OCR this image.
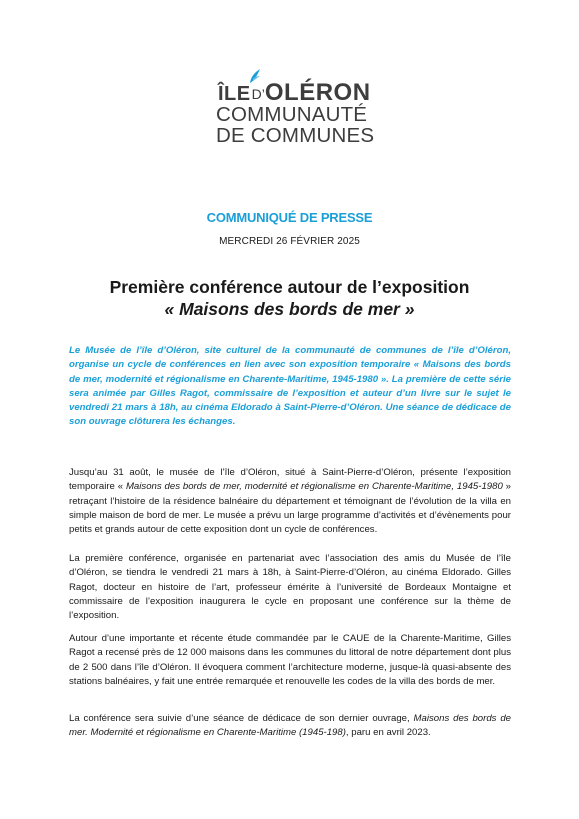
ÎLE D’ OLÉRON
COMMUNAUTÉ
DE COMMUNES
COMMUNIQUÉ DE PRESSE
MERCREDI 26 FÉVRIER 2025
Première conférence autour de l’exposition
« Maisons des bords de mer »
Le Musée de l’île d’Oléron, site culturel de la communauté de communes de l’île d’Oléron, organise un cycle de conférences en lien avec son exposition temporaire « Maisons des bords de mer, modernité et régionalisme en Charente-Maritime, 1945-1980 ». La première de cette série sera animée par Gilles Ragot, commissaire de l’exposition et auteur d’un livre sur le sujet le vendredi 21 mars à 18h, au cinéma Eldorado à Saint-Pierre-d’Oléron. Une séance de dédicace de son ouvrage clôturera les échanges.
Jusqu’au 31 août, le musée de l’île d’Oléron, situé à Saint-Pierre-d’Oléron, présente l’exposition temporaire « Maisons des bords de mer, modernité et régionalisme en Charente-Maritime, 1945-1980 » retraçant l’histoire de la résidence balnéaire du département et témoignant de l’évolution de la villa en simple maison de bord de mer. Le musée a prévu un large programme d’activités et d’évènements pour petits et grands autour de cette exposition dont un cycle de conférences.
La première conférence, organisée en partenariat avec l’association des amis du Musée de l’île d’Oléron, se tiendra le vendredi 21 mars à 18h, à Saint-Pierre-d’Oléron, au cinéma Eldorado. Gilles Ragot, docteur en histoire de l’art, professeur émérite à l’université de Bordeaux Montaigne et commissaire de l’exposition inaugurera le cycle en proposant une conférence sur la thème de l’exposition.
Autour d’une importante et récente étude commandée par le CAUE de la Charente-Maritime, Gilles Ragot a recensé près de 12 000 maisons dans les communes du littoral de notre département dont plus de 2 500 dans l’île d’Oléron. Il évoquera comment l’architecture moderne, jusque-là quasi-absente des stations balnéaires, y fait une entrée remarquée et renouvelle les codes de la villa des bords de mer.
La conférence sera suivie d’une séance de dédicace de son dernier ouvrage, Maisons des bords de mer. Modernité et régionalisme en Charente-Maritime (1945-198), paru en avril 2023.
